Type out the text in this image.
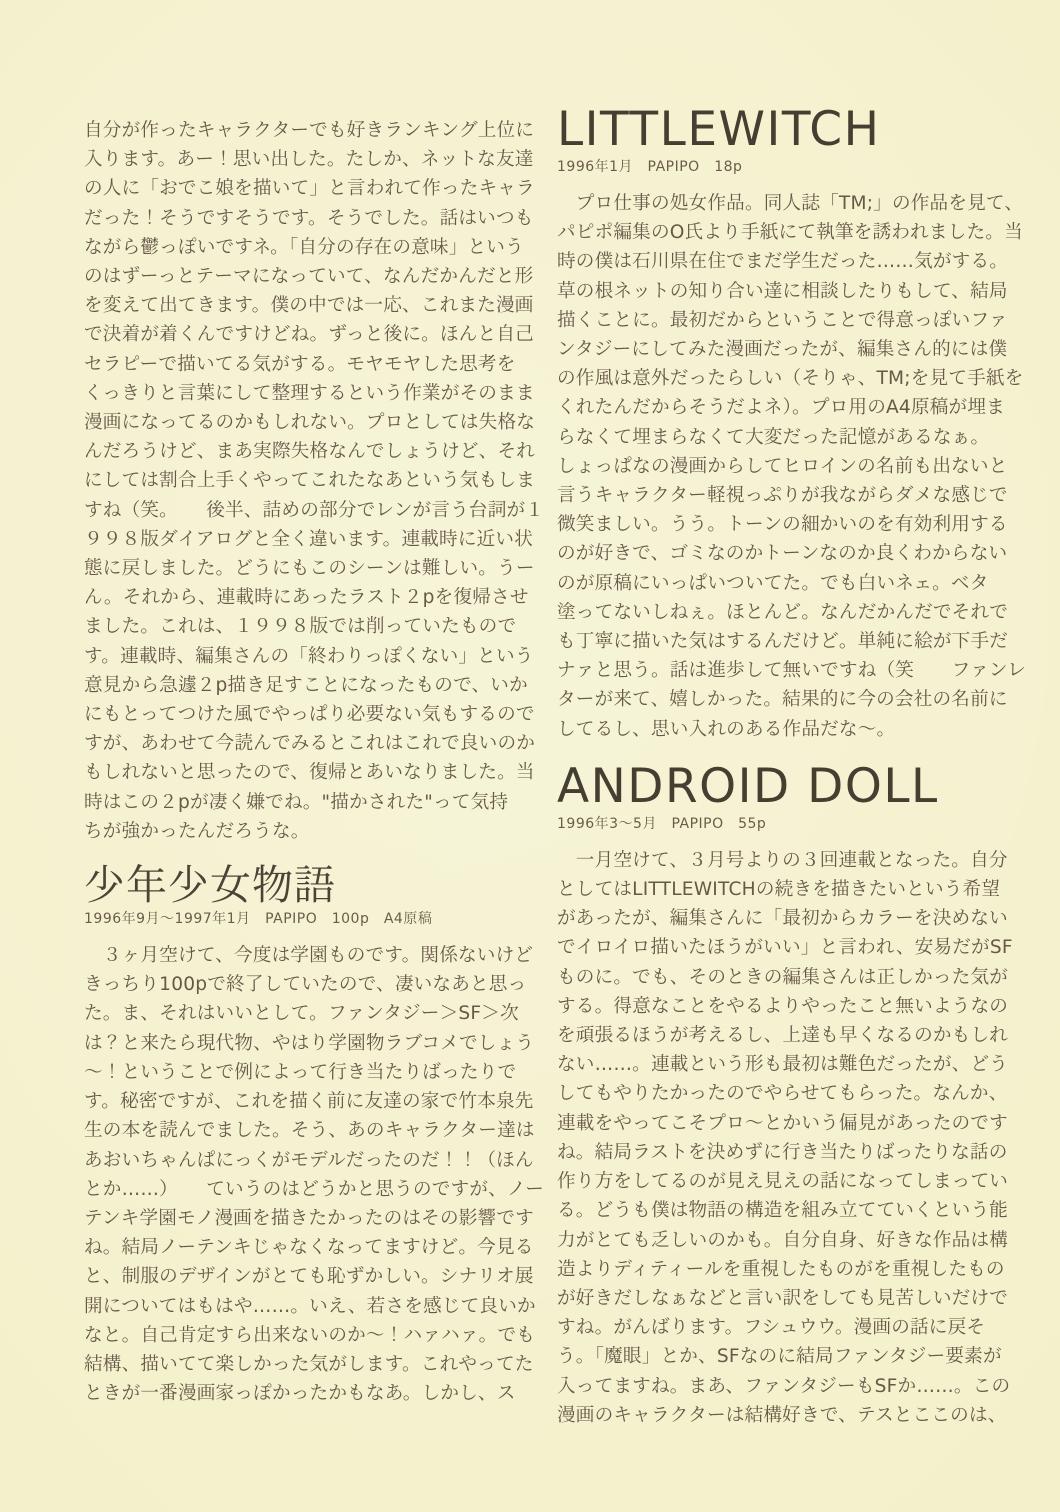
自分が作ったキャラクターでも好きランキング上位に
入ります。あー！思い出した。たしか、ネットな友達
の人に「おでこ娘を描いて」と言われて作ったキャラ
だった！そうですそうです。そうでした。話はいつも
ながら鬱っぽいですネ。「自分の存在の意味」という
のはずーっとテーマになっていて、なんだかんだと形
を変えて出てきます。僕の中では一応、これまた漫画
で決着が着くんですけどね。ずっと後に。ほんと自己
セラピーで描いてる気がする。モヤモヤした思考を
くっきりと言葉にして整理するという作業がそのまま
漫画になってるのかもしれない。プロとしては失格な
んだろうけど、まあ実際失格なんでしょうけど、それ
にしては割合上手くやってこれたなあという気もしま
すね（笑。　　後半、詰めの部分でレンが言う台詞が１
９９８版ダイアログと全く違います。連載時に近い状
態に戻しました。どうにもこのシーンは難しい。うー
ん。それから、連載時にあったラスト２pを復帰させ
ました。これは、１９９８版では削っていたもので
す。連載時、編集さんの「終わりっぽくない」という
意見から急遽２p描き足すことになったもので、いか
にもとってつけた風でやっぱり必要ない気もするので
すが、あわせて今読んでみるとこれはこれで良いのか
もしれないと思ったので、復帰とあいなりました。当
時はこの２pが凄く嫌でね。"描かされた"って気持
ちが強かったんだろうな。
少年少女物語
1996年9月～1997年1月　PAPIPO　100p　A4原稿
　３ヶ月空けて、今度は学園ものです。関係ないけど
きっちり100pで終了していたので、凄いなあと思っ
た。ま、それはいいとして。ファンタジー＞SF＞次
は？と来たら現代物、やはり学園物ラブコメでしょう
～！ということで例によって行き当たりばったりで
す。秘密ですが、これを描く前に友達の家で竹本泉先
生の本を読んでました。そう、あのキャラクター達は
あおいちゃんぱにっくがモデルだったのだ！！（ほん
とか……）　　ていうのはどうかと思うのですが、ノー
テンキ学園モノ漫画を描きたかったのはその影響です
ね。結局ノーテンキじゃなくなってますけど。今見る
と、制服のデザインがとても恥ずかしい。シナリオ展
開についてはもはや……。いえ、若さを感じて良いか
なと。自己肯定すら出来ないのか～！ハァハァ。でも
結構、描いてて楽しかった気がします。これやってた
ときが一番漫画家っぽかったかもなあ。しかし、ス
LITTLEWITCH
1996年1月　PAPIPO　18p
　プロ仕事の処女作品。同人誌「TM;」の作品を見て、
パピポ編集のO氏より手紙にて執筆を誘われました。当
時の僕は石川県在住でまだ学生だった……気がする。
草の根ネットの知り合い達に相談したりもして、結局
描くことに。最初だからということで得意っぽいファ
ンタジーにしてみた漫画だったが、編集さん的には僕
の作風は意外だったらしい（そりゃ、TM;を見て手紙を
くれたんだからそうだよネ）。プロ用のA4原稿が埋ま
らなくて埋まらなくて大変だった記憶があるなぁ。
しょっぱなの漫画からしてヒロインの名前も出ないと
言うキャラクター軽視っぷりが我ながらダメな感じで
微笑ましい。うう。トーンの細かいのを有効利用する
のが好きで、ゴミなのかトーンなのか良くわからない
のが原稿にいっぱいついてた。でも白いネェ。ベタ
塗ってないしねぇ。ほとんど。なんだかんだでそれで
も丁寧に描いた気はするんだけど。単純に絵が下手だ
ナァと思う。話は進歩して無いですね（笑　　ファンレ
ターが来て、嬉しかった。結果的に今の会社の名前に
してるし、思い入れのある作品だな～。
ANDROID DOLL
1996年3～5月　PAPIPO　55p
　一月空けて、３月号よりの３回連載となった。自分
としてはLITTLEWITCHの続きを描きたいという希望
があったが、編集さんに「最初からカラーを決めない
でイロイロ描いたほうがいい」と言われ、安易だがSF
ものに。でも、そのときの編集さんは正しかった気が
する。得意なことをやるよりやったこと無いようなの
を頑張るほうが考えるし、上達も早くなるのかもしれ
ない……。連載という形も最初は難色だったが、どう
してもやりたかったのでやらせてもらった。なんか、
連載をやってこそプロ～とかいう偏見があったのです
ね。結局ラストを決めずに行き当たりばったりな話の
作り方をしてるのが見え見えの話になってしまってい
る。どうも僕は物語の構造を組み立てていくという能
力がとても乏しいのかも。自分自身、好きな作品は構
造よりディティールを重視したものがを重視したもの
が好きだしなぁなどと言い訳をしても見苦しいだけで
すね。がんばります。フシュウウ。漫画の話に戻そ
う。「魔眼」とか、SFなのに結局ファンタジー要素が
入ってますね。まあ、ファンタジーもSFか……。この
漫画のキャラクターは結構好きで、テスとここのは、
